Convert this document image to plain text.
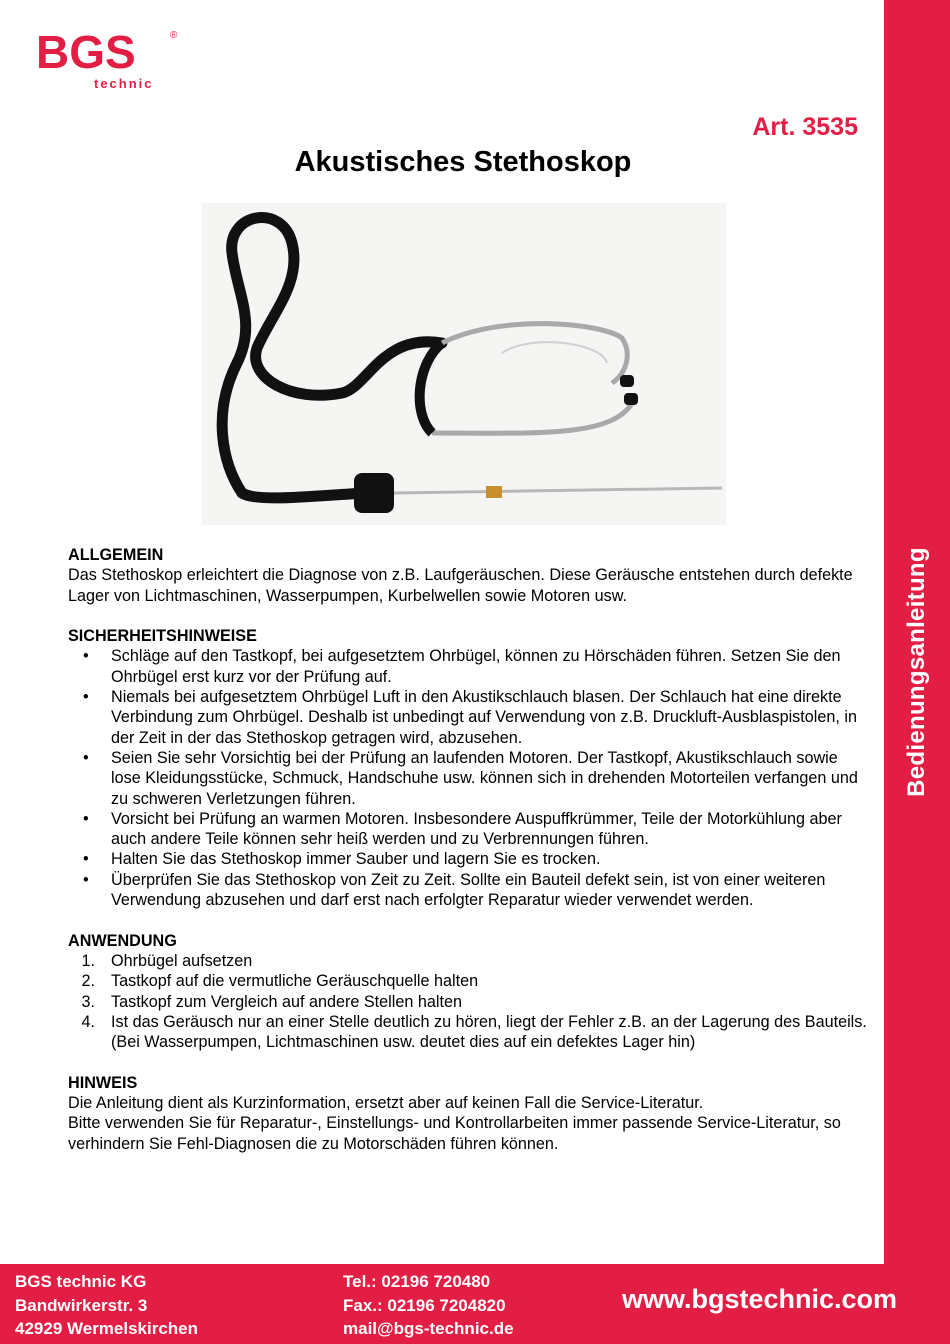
BGS	®
technic
Art. 3535
Akustisches Stethoskop
ALLGEMEIN
Das Stethoskop erleichtert die Diagnose von z.B. Laufgeräuschen. Diese Geräusche entstehen durch defekte Lager von Lichtmaschinen, Wasserpumpen, Kurbelwellen sowie Motoren usw.
SICHERHEITSHINWEISE
• Schläge auf den Tastkopf, bei aufgesetztem Ohrbügel, können zu Hörschäden führen. Setzen Sie den Ohrbügel erst kurz vor der Prüfung auf.
• Niemals bei aufgesetztem Ohrbügel Luft in den Akustikschlauch blasen. Der Schlauch hat eine direkte Verbindung zum Ohrbügel. Deshalb ist unbedingt auf Verwendung von z.B. Druckluft-Ausblaspistolen, in der Zeit in der das Stethoskop getragen wird, abzusehen.
• Seien Sie sehr Vorsichtig bei der Prüfung an laufenden Motoren. Der Tastkopf, Akustikschlauch sowie lose Kleidungsstücke, Schmuck, Handschuhe usw. können sich in drehenden Motorteilen verfangen und zu schweren Verletzungen führen.
• Vorsicht bei Prüfung an warmen Motoren. Insbesondere Auspuffkrümmer, Teile der Motorkühlung aber auch andere Teile können sehr heiß werden und zu Verbrennungen führen.
• Halten Sie das Stethoskop immer Sauber und lagern Sie es trocken.
• Überprüfen Sie das Stethoskop von Zeit zu Zeit. Sollte ein Bauteil defekt sein, ist von einer weiteren Verwendung abzusehen und darf erst nach erfolgter Reparatur wieder verwendet werden.
ANWENDUNG
1. Ohrbügel aufsetzen
2. Tastkopf auf die vermutliche Geräuschquelle halten
3. Tastkopf zum Vergleich auf andere Stellen halten
4. Ist das Geräusch nur an einer Stelle deutlich zu hören, liegt der Fehler z.B. an der Lagerung des Bauteils. (Bei Wasserpumpen, Lichtmaschinen usw. deutet dies auf ein defektes Lager hin)
HINWEIS
Die Anleitung dient als Kurzinformation, ersetzt aber auf keinen Fall die Service-Literatur.
Bitte verwenden Sie für Reparatur-, Einstellungs- und Kontrollarbeiten immer passende Service-Literatur, so verhindern Sie Fehl-Diagnosen die zu Motorschäden führen können.
Bedienungsanleitung
BGS technic KG
Bandwirkerstr. 3
42929 Wermelskirchen
Tel.: 02196 720480
Fax.: 02196 7204820
mail@bgs-technic.de
www.bgstechnic.com
